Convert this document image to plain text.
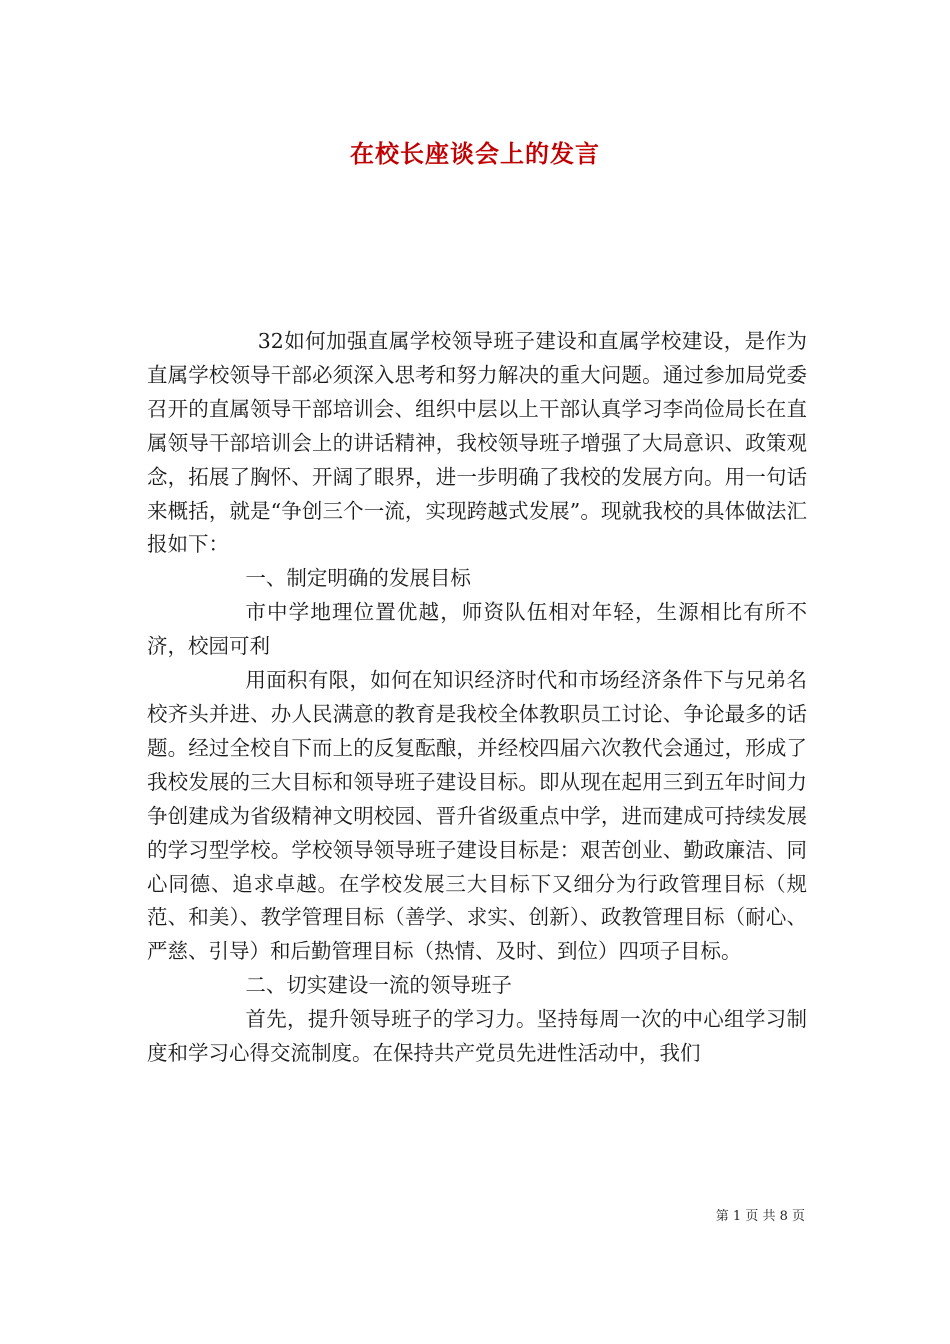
在校长座谈会上的发言

32如何加强直属学校领导班子建设和直属学校建设，是作为直属学校领导干部必须深入思考和努力解决的重大问题。通过参加局党委召开的直属领导干部培训会、组织中层以上干部认真学习李尚俭局长在直属领导干部培训会上的讲话精神，我校领导班子增强了大局意识、政策观念，拓展了胸怀、开阔了眼界，进一步明确了我校的发展方向。用一句话来概括，就是“争创三个一流，实现跨越式发展”。现就我校的具体做法汇报如下：

一、制定明确的发展目标

市中学地理位置优越，师资队伍相对年轻，生源相比有所不济，校园可利

用面积有限，如何在知识经济时代和市场经济条件下与兄弟名校齐头并进、办人民满意的教育是我校全体教职员工讨论、争论最多的话题。经过全校自下而上的反复酝酿，并经校四届六次教代会通过，形成了我校发展的三大目标和领导班子建设目标。即从现在起用三到五年时间力争创建成为省级精神文明校园、晋升省级重点中学，进而建成可持续发展的学习型学校。学校领导领导班子建设目标是：艰苦创业、勤政廉洁、同心同德、追求卓越。在学校发展三大目标下又细分为行政管理目标（规范、和美）、教学管理目标（善学、求实、创新）、政教管理目标（耐心、严慈、引导）和后勤管理目标（热情、及时、到位）四项子目标。

二、切实建设一流的领导班子

首先，提升领导班子的学习力。坚持每周一次的中心组学习制度和学习心得交流制度。在保持共产党员先进性活动中，我们

第 1 页 共 8 页
